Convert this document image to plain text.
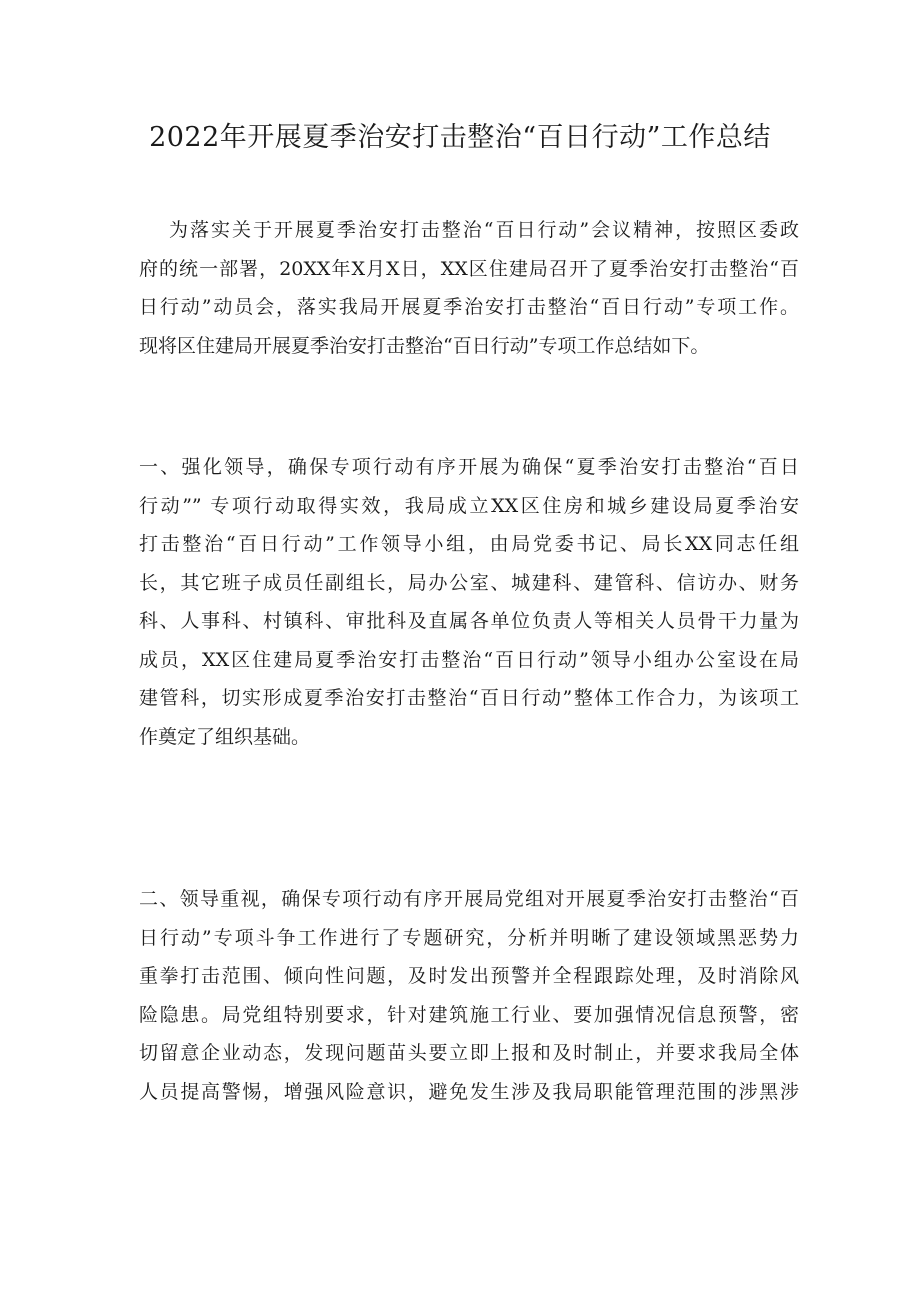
2022年开展夏季治安打击整治“百日行动”工作总结
为落实关于开展夏季治安打击整治“百日行动”会议精神，按照区委政
府的统一部署，20XX年X月X日，XX区住建局召开了夏季治安打击整治“百
日行动”动员会，落实我局开展夏季治安打击整治“百日行动”专项工作。
现将区住建局开展夏季治安打击整治“百日行动”专项工作总结如下。
一、强化领导，确保专项行动有序开展为确保“夏季治安打击整治“百日
行动”” 专项行动取得实效，我局成立XX区住房和城乡建设局夏季治安
打击整治“百日行动”工作领导小组，由局党委书记、局长XX同志任组
长，其它班子成员任副组长，局办公室、城建科、建管科、信访办、财务
科、人事科、村镇科、审批科及直属各单位负责人等相关人员骨干力量为
成员，XX区住建局夏季治安打击整治“百日行动”领导小组办公室设在局
建管科，切实形成夏季治安打击整治“百日行动”整体工作合力，为该项工
作奠定了组织基础。
二、领导重视，确保专项行动有序开展局党组对开展夏季治安打击整治“百
日行动”专项斗争工作进行了专题研究，分析并明晰了建设领域黑恶势力
重拳打击范围、倾向性问题，及时发出预警并全程跟踪处理，及时消除风
险隐患。局党组特别要求，针对建筑施工行业、要加强情况信息预警，密
切留意企业动态，发现问题苗头要立即上报和及时制止，并要求我局全体
人员提高警惕，增强风险意识，避免发生涉及我局职能管理范围的涉黑涉
